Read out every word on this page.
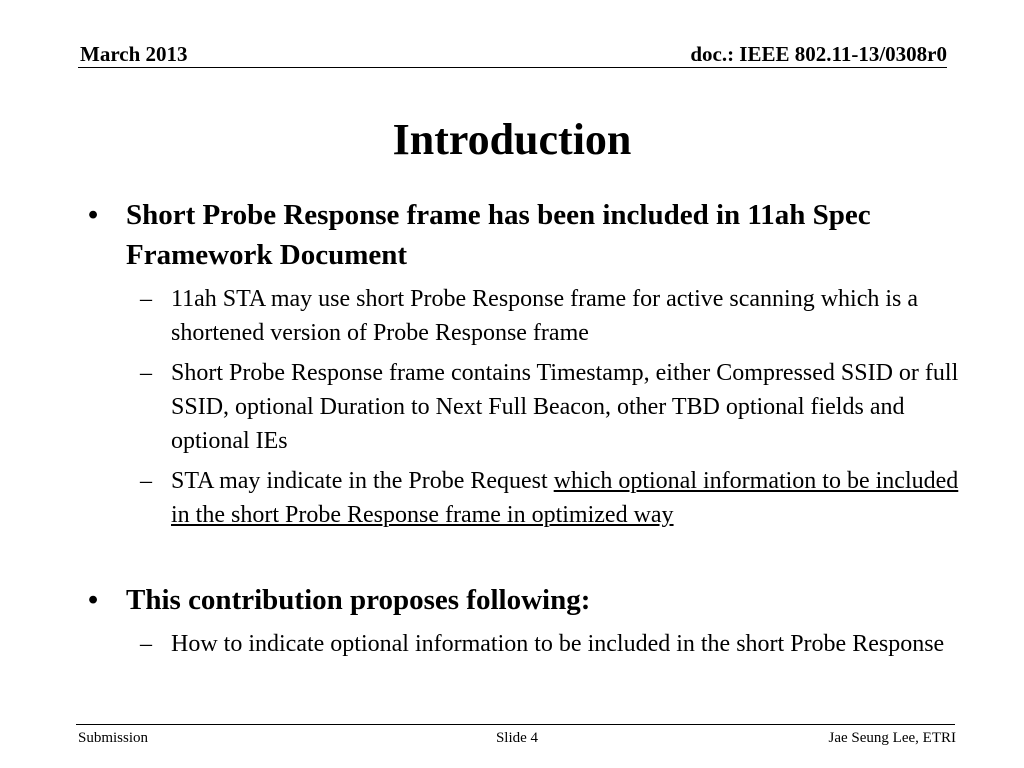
March 2013	doc.: IEEE 802.11-13/0308r0
Introduction
• Short Probe Response frame has been included in 11ah Spec Framework Document
– 11ah STA may use short Probe Response frame for active scanning which is a shortened version of Probe Response frame
– Short Probe Response frame contains Timestamp, either Compressed SSID or full SSID, optional Duration to Next Full Beacon, other TBD optional fields and optional IEs
– STA may indicate in the Probe Request which optional information to be included in the short Probe Response frame in optimized way
• This contribution proposes following:
– How to indicate optional information to be included in the short Probe Response
Submission	Slide 4	Jae Seung Lee, ETRI
